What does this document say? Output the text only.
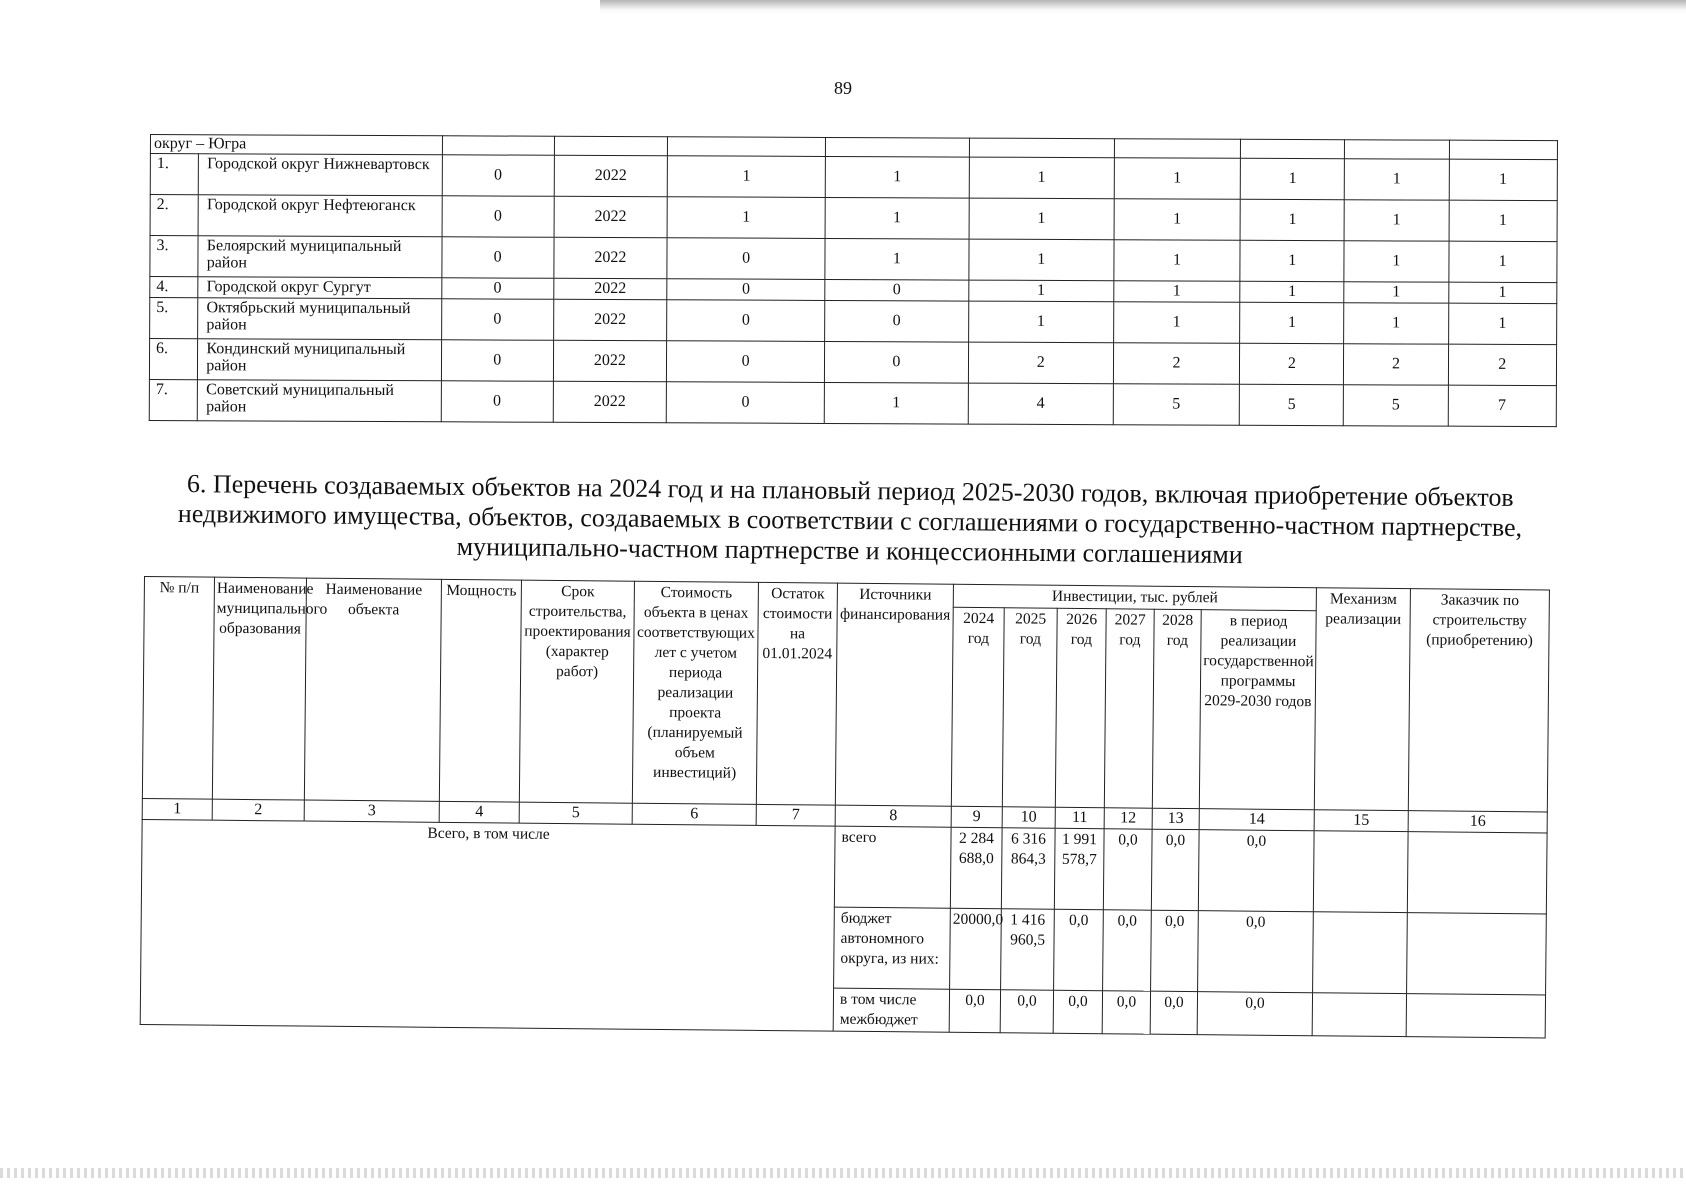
89
округ – Югра										
1.	Городской округ Нижневартовск	0	2022	1	1	1	1	1	1	1
2.	Городской округ Нефтеюганск	0	2022	1	1	1	1	1	1	1
3.	Белоярский муниципальный район	0	2022	0	1	1	1	1	1	1
4.	Городской округ Сургут	0	2022	0	0	1	1	1	1	1
5.	Октябрьский муниципальный район	0	2022	0	0	1	1	1	1	1
6.	Кондинский муниципальный район	0	2022	0	0	2	2	2	2	2
7.	Советский муниципальный район	0	2022	0	1	4	5	5	5	7
6. Перечень создаваемых объектов на 2024 год и на плановый период 2025-2030 годов, включая приобретение объектов недвижимого имущества, объектов, создаваемых в соответствии с соглашениями о государственно-частном партнерстве, муниципально-частном партнерстве и концессионными соглашениями
№ п/п	Наименование муниципального образования	Наименование объекта	Мощность	Срок строительства, проектирования (характер работ)	Стоимость объекта в ценах соответствующих лет с учетом периода реализации проекта (планируемый объем инвестиций)	Остаток стоимости на 01.01.2024	Источники финансирования	Инвестиции, тыс. рублей						Механизм реализации	Заказчик по строительству (приобретению)
								2024 год	2025 год	2026 год	2027 год	2028 год	в период реализации государственной программы 2029-2030 годов		
1	2	3	4	5	6	7	8	9	10	11	12	13	14	15	16
Всего, в том числе							всего	2 284 688,0	6 316 864,3	1 991 578,7	0,0	0,0	0,0		
							бюджет автономного округа, из них:	20000,0	1 416 960,5	0,0	0,0	0,0	0,0		
							в том числе межбюджет	0,0	0,0	0,0	0,0	0,0	0,0		
